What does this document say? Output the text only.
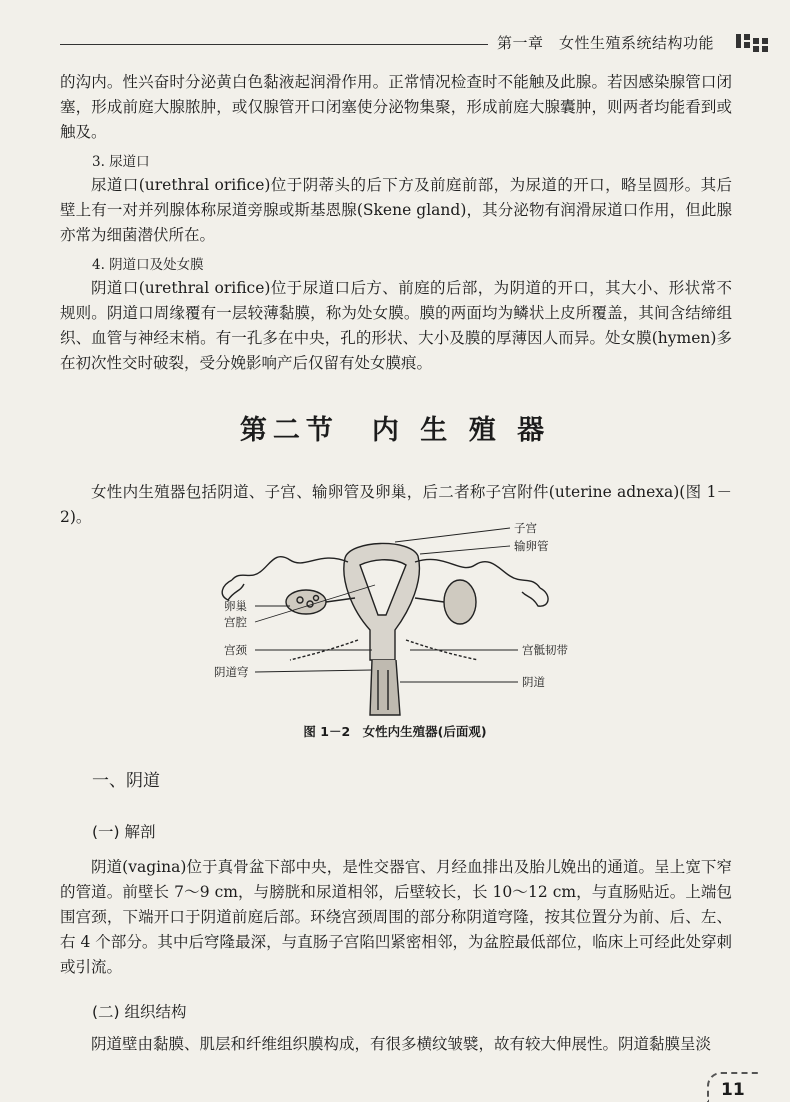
第一章　女性生殖系统结构功能
的沟内。性兴奋时分泌黄白色黏液起润滑作用。正常情况检查时不能触及此腺。若因感染腺管口闭塞，形成前庭大腺脓肿，或仅腺管开口闭塞使分泌物集聚，形成前庭大腺囊肿，则两者均能看到或触及。
3. 尿道口
尿道口(urethral orifice)位于阴蒂头的后下方及前庭前部，为尿道的开口，略呈圆形。其后壁上有一对并列腺体称尿道旁腺或斯基恩腺(Skene gland)，其分泌物有润滑尿道口作用，但此腺亦常为细菌潜伏所在。
4. 阴道口及处女膜
阴道口(urethral orifice)位于尿道口后方、前庭的后部，为阴道的开口，其大小、形状常不规则。阴道口周缘覆有一层较薄黏膜，称为处女膜。膜的两面均为鳞状上皮所覆盖，其间含结缔组织、血管与神经末梢。有一孔多在中央，孔的形状、大小及膜的厚薄因人而异。处女膜(hymen)多在初次性交时破裂，受分娩影响产后仅留有处女膜痕。
第二节　内 生 殖 器
女性内生殖器包括阴道、子宫、输卵管及卵巢，后二者称子宫附件(uterine adnexa)(图 1－2)。
子宫
输卵管
卵巢
宫腔
宫颈
阴道穹
宫骶韧带
阴道
图 1－2　女性内生殖器(后面观)
一、阴道
(一) 解剖
阴道(vagina)位于真骨盆下部中央，是性交器官、月经血排出及胎儿娩出的通道。呈上宽下窄的管道。前壁长 7～9 cm，与膀胱和尿道相邻，后壁较长，长 10～12 cm，与直肠贴近。上端包围宫颈，下端开口于阴道前庭后部。环绕宫颈周围的部分称阴道穹隆，按其位置分为前、后、左、右 4 个部分。其中后穹隆最深，与直肠子宫陷凹紧密相邻，为盆腔最低部位，临床上可经此处穿刺或引流。
(二) 组织结构
阴道壁由黏膜、肌层和纤维组织膜构成，有很多横纹皱襞，故有较大伸展性。阴道黏膜呈淡
11
